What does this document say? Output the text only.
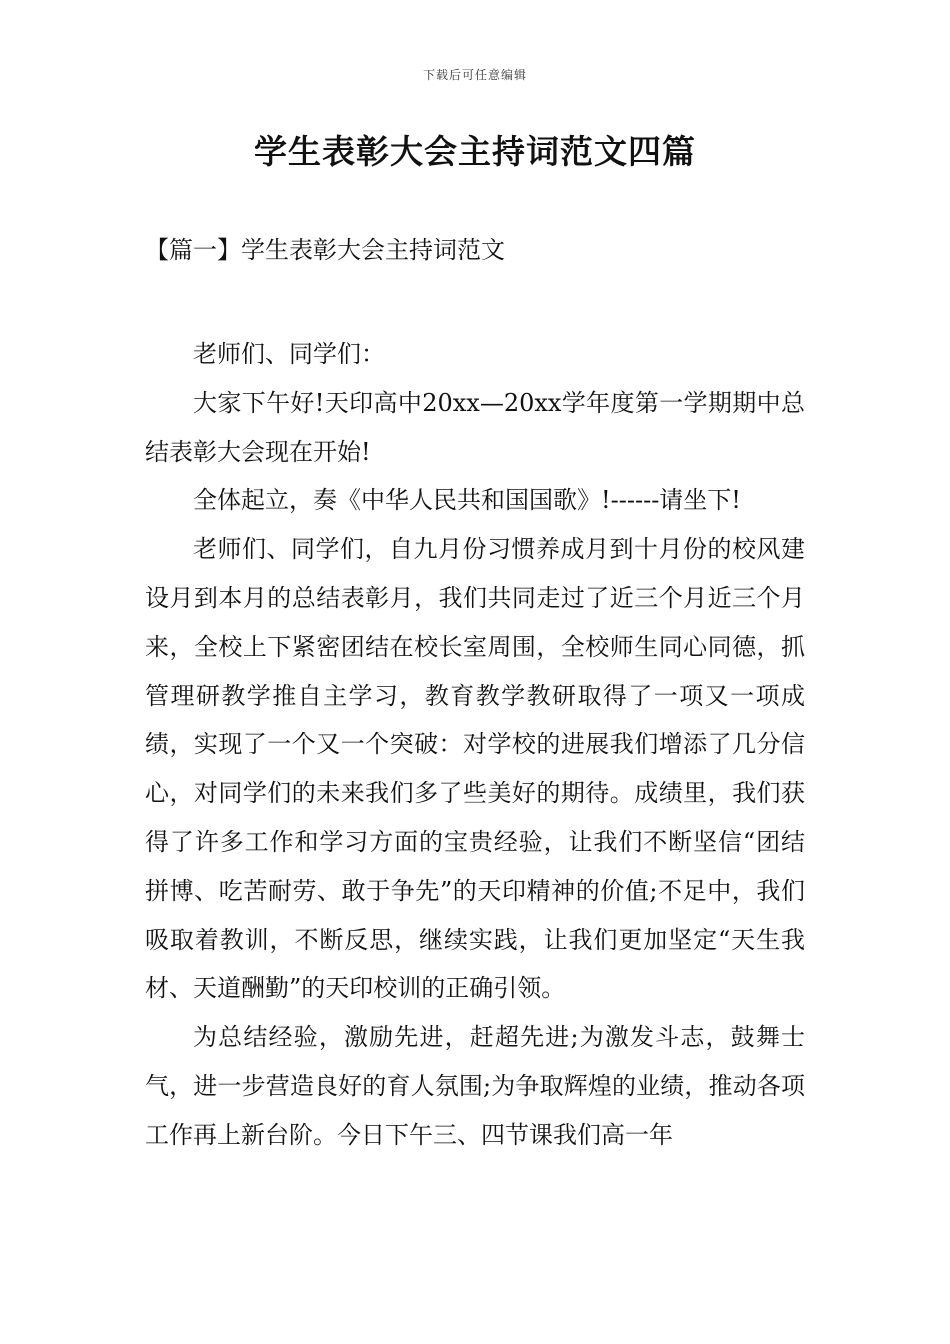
下载后可任意编辑
学生表彰大会主持词范文四篇
【篇一】学生表彰大会主持词范文

老师们、同学们：

大家下午好!天印高中20xx—20xx学年度第一学期期中总结表彰大会现在开始!

全体起立，奏《中华人民共和国国歌》!------请坐下!

老师们、同学们，自九月份习惯养成月到十月份的校风建设月到本月的总结表彰月，我们共同走过了近三个月近三个月来，全校上下紧密团结在校长室周围，全校师生同心同德，抓管理研教学推自主学习，教育教学教研取得了一项又一项成绩，实现了一个又一个突破：对学校的进展我们增添了几分信心，对同学们的未来我们多了些美好的期待。成绩里，我们获得了许多工作和学习方面的宝贵经验，让我们不断坚信“团结拼博、吃苦耐劳、敢于争先”的天印精神的价值;不足中，我们吸取着教训，不断反思，继续实践，让我们更加坚定“天生我材、天道酬勤”的天印校训的正确引领。

为总结经验，激励先进，赶超先进;为激发斗志，鼓舞士气，进一步营造良好的育人氛围;为争取辉煌的业绩，推动各项工作再上新台阶。今日下午三、四节课我们高一年
